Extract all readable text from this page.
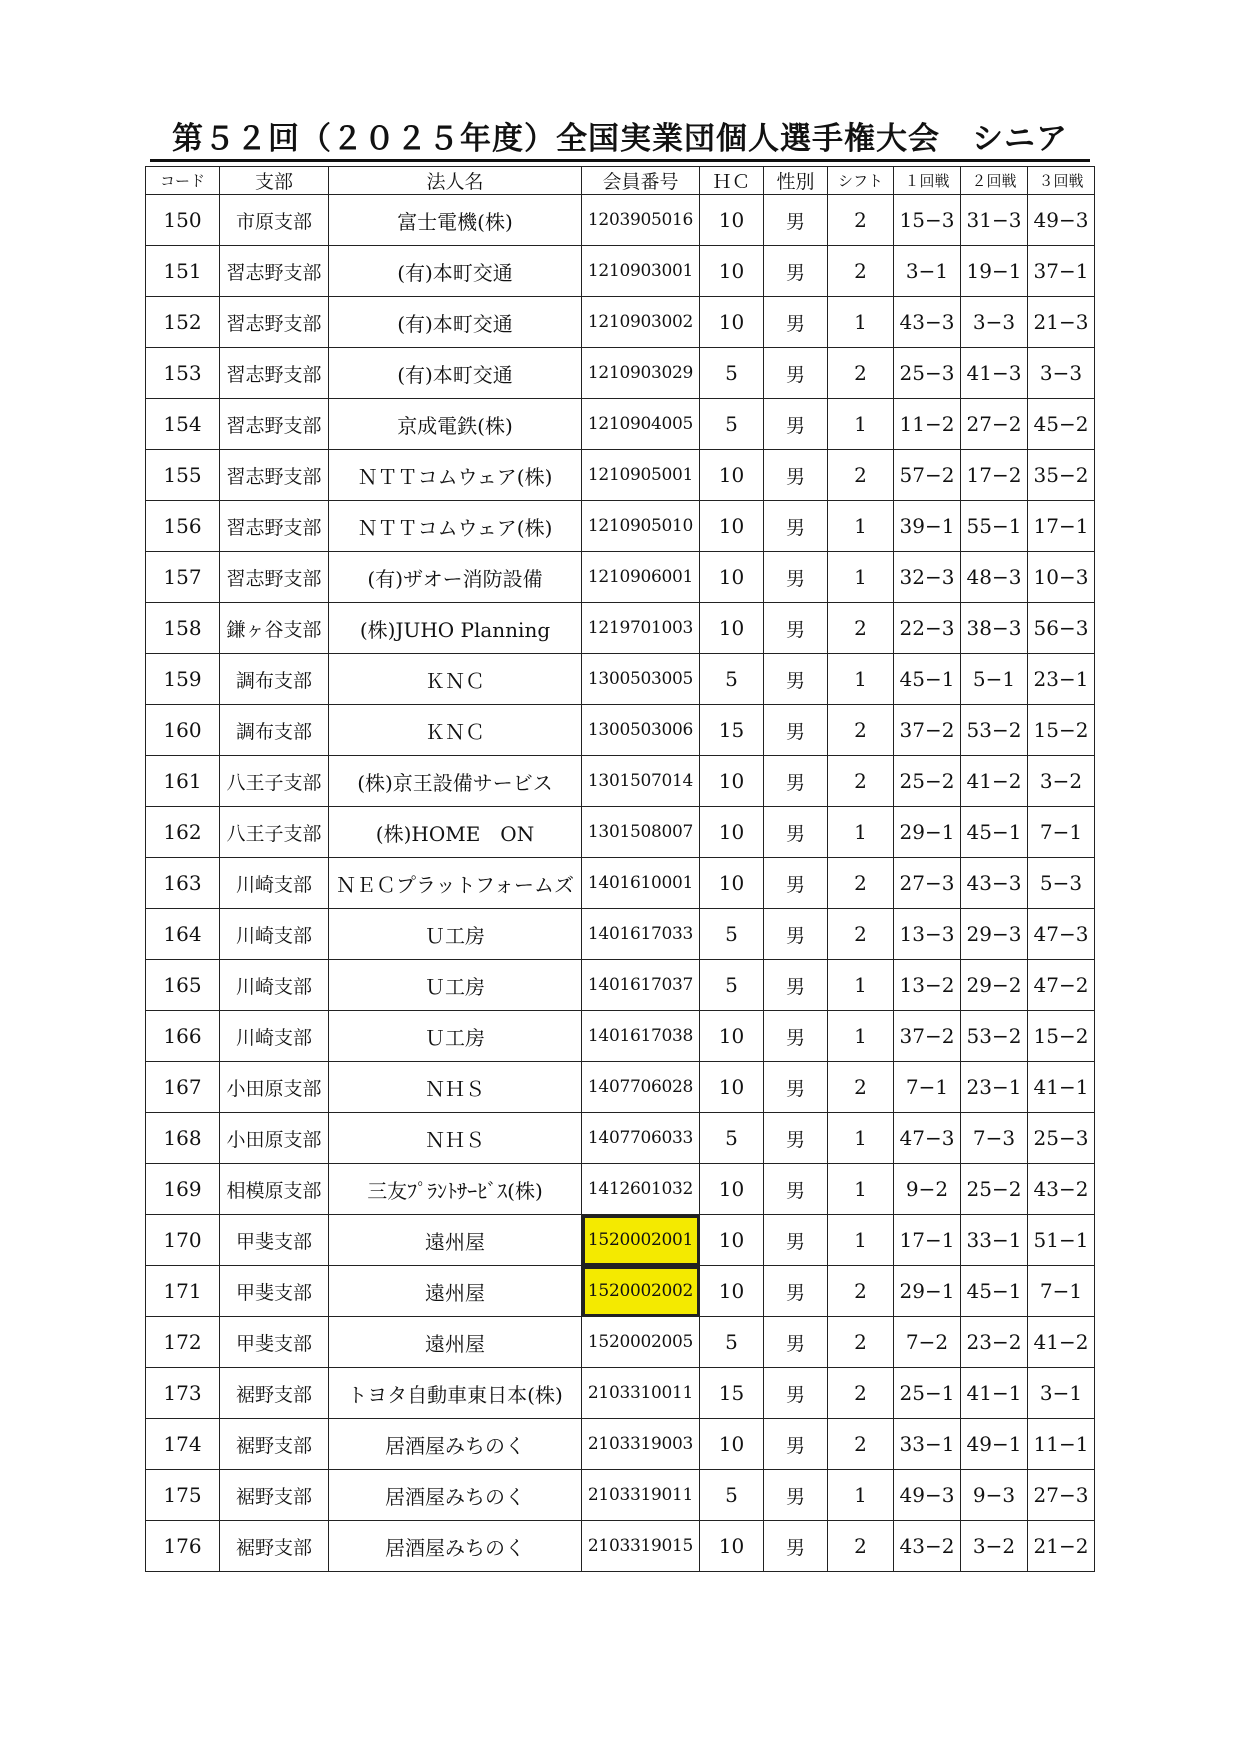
第５２回（２０２５年度）全国実業団個人選手権大会　シニア
コード	支部	法人名	会員番号	ＨＣ	性別	シフト	１回戦	２回戦	３回戦
150	市原支部	富士電機(株)	1203905016	10	男	2	15−3	31−3	49−3
151	習志野支部	(有)本町交通	1210903001	10	男	2	3−1	19−1	37−1
152	習志野支部	(有)本町交通	1210903002	10	男	1	43−3	3−3	21−3
153	習志野支部	(有)本町交通	1210903029	5	男	2	25−3	41−3	3−3
154	習志野支部	京成電鉄(株)	1210904005	5	男	1	11−2	27−2	45−2
155	習志野支部	ＮＴＴコムウェア(株)	1210905001	10	男	2	57−2	17−2	35−2
156	習志野支部	ＮＴＴコムウェア(株)	1210905010	10	男	1	39−1	55−1	17−1
157	習志野支部	(有)ザオー消防設備	1210906001	10	男	1	32−3	48−3	10−3
158	鎌ヶ谷支部	(株)JUHO Planning	1219701003	10	男	2	22−3	38−3	56−3
159	調布支部	ＫＮＣ	1300503005	5	男	1	45−1	5−1	23−1
160	調布支部	ＫＮＣ	1300503006	15	男	2	37−2	53−2	15−2
161	八王子支部	(株)京王設備サービス	1301507014	10	男	2	25−2	41−2	3−2
162	八王子支部	(株)HOME　ON	1301508007	10	男	1	29−1	45−1	7−1
163	川崎支部	ＮＥＣプラットフォームズ	1401610001	10	男	2	27−3	43−3	5−3
164	川崎支部	Ｕ工房	1401617033	5	男	2	13−3	29−3	47−3
165	川崎支部	Ｕ工房	1401617037	5	男	1	13−2	29−2	47−2
166	川崎支部	Ｕ工房	1401617038	10	男	1	37−2	53−2	15−2
167	小田原支部	ＮＨＳ	1407706028	10	男	2	7−1	23−1	41−1
168	小田原支部	ＮＨＳ	1407706033	5	男	1	47−3	7−3	25−3
169	相模原支部	三友ﾌﾟﾗﾝﾄｻｰﾋﾞｽ(株)	1412601032	10	男	1	9−2	25−2	43−2
170	甲斐支部	遠州屋	1520002001	10	男	1	17−1	33−1	51−1
171	甲斐支部	遠州屋	1520002002	10	男	2	29−1	45−1	7−1
172	甲斐支部	遠州屋	1520002005	5	男	2	7−2	23−2	41−2
173	裾野支部	トヨタ自動車東日本(株)	2103310011	15	男	2	25−1	41−1	3−1
174	裾野支部	居酒屋みちのく	2103319003	10	男	2	33−1	49−1	11−1
175	裾野支部	居酒屋みちのく	2103319011	5	男	1	49−3	9−3	27−3
176	裾野支部	居酒屋みちのく	2103319015	10	男	2	43−2	3−2	21−2
